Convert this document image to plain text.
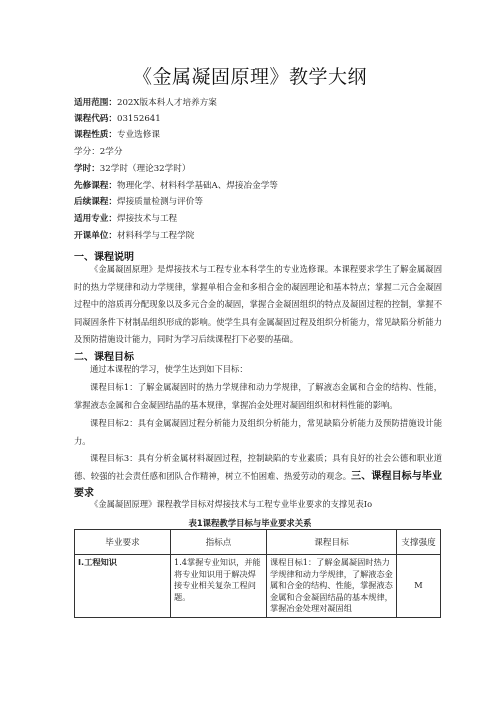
《金属凝固原理》教学大纲
适用范围：202X版本科人才培养方案
课程代码：03152641
课程性质：专业选修课
学分：2学分
学时：32学时（理论32学时）
先修课程：物理化学、材料科学基础A、焊接冶金学等
后续课程：焊接质量检测与评价等
适用专业：焊接技术与工程
开课单位：材料科学与工程学院
一、课程说明
《金属凝固原理》是焊接技术与工程专业本科学生的专业选修课。本课程要求学生了解金属凝固时的热力学规律和动力学规律，掌握单相合金和多相合金的凝固理论和基本特点；掌握二元合金凝固过程中的溶质再分配现象以及多元合金的凝固，掌握合金凝固组织的特点及凝固过程的控制，掌握不同凝固条件下材制品组织形成的影响。使学生具有金属凝固过程及组织分析能力，常见缺陷分析能力及预防措施设计能力，同时为学习后续课程打下必要的基础。
二、课程目标
通过本课程的学习，使学生达到如下目标：
课程目标1：了解金属凝固时的热力学规律和动力学规律，了解液态金属和合金的结构、性能，掌握液态金属和合金凝固结晶的基本规律，掌握冶金处理对凝固组织和材料性能的影响。
课程目标2：具有金属凝固过程分析能力及组织分析能力，常见缺陷分析能力及预防措施设计能力。
课程目标3：具有分析金属材料凝固过程，控制缺陷的专业素质；具有良好的社会公德和职业道德、较强的社会责任感和团队合作精神，树立不怕困难、热爱劳动的观念。三、课程目标与毕业要求
《金属凝固原理》课程教学目标对焊接技术与工程专业毕业要求的支撑见表Io
表1课程教学目标与毕业要求关系
毕业要求	指标点	课程目标	支撑强度
I.工程知识	1.4掌握专业知识，并能将专业知识用于解决焊接专业相关复杂工程问题。	课程目标1：了解金属凝固时热力学规律和动力学规律，了解液态金属和合金的结构、性能，掌握液态金属和合金凝固结晶的基本规律，掌握冶金处理对凝固组	M
